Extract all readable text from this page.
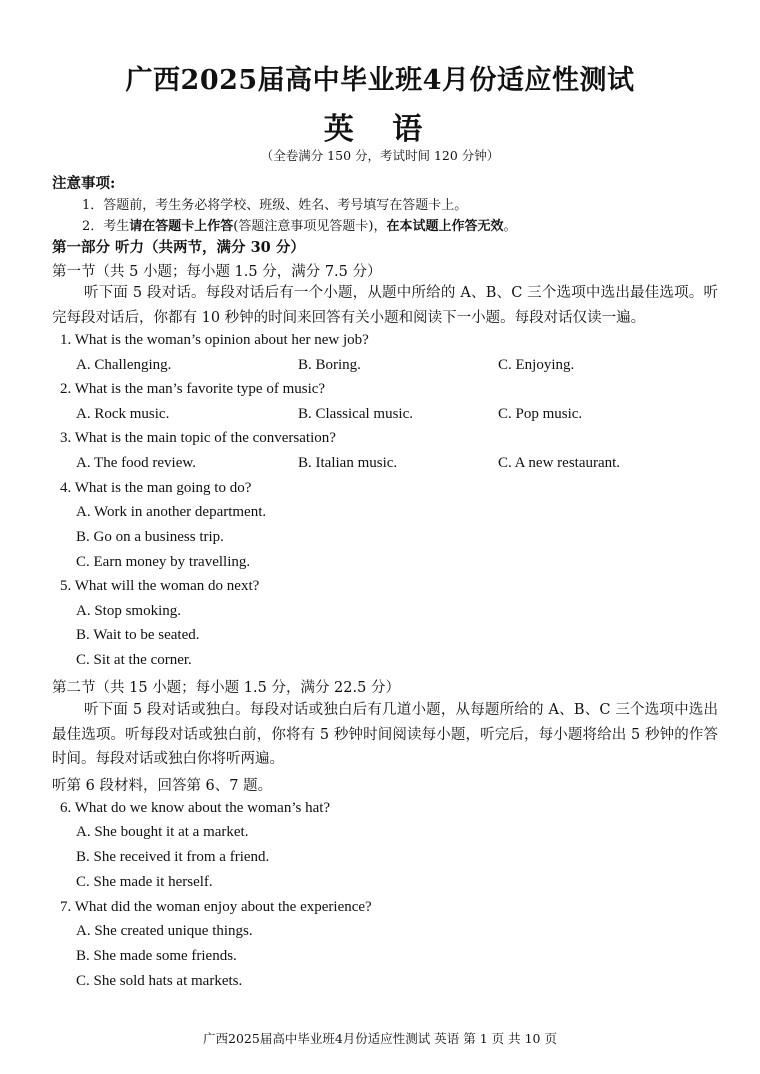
广西2025届高中毕业班4月份适应性测试
英 语
（全卷满分 150 分，考试时间 120 分钟）
注意事项:
1．答题前，考生务必将学校、班级、姓名、考号填写在答题卡上。
2．考生请在答题卡上作答(答题注意事项见答题卡)，在本试题上作答无效。
第一部分 听力（共两节，满分 30 分）
第一节（共 5 小题；每小题 1.5 分，满分 7.5 分）
听下面 5 段对话。每段对话后有一个小题，从题中所给的 A、B、C 三个选项中选出最佳选项。听完每段对话后，你都有 10 秒钟的时间来回答有关小题和阅读下一小题。每段对话仅读一遍。
1. What is the woman’s opinion about her new job?
A. Challenging.	B. Boring.	C. Enjoying.
2. What is the man’s favorite type of music?
A. Rock music.	B. Classical music.	C. Pop music.
3. What is the main topic of the conversation?
A. The food review.	B. Italian music.	C. A new restaurant.
4. What is the man going to do?
A. Work in another department.
B. Go on a business trip.
C. Earn money by travelling.
5. What will the woman do next?
A. Stop smoking.
B. Wait to be seated.
C. Sit at the corner.
第二节（共 15 小题；每小题 1.5 分，满分 22.5 分）
听下面 5 段对话或独白。每段对话或独白后有几道小题，从每题所给的 A、B、C 三个选项中选出最佳选项。听每段对话或独白前，你将有 5 秒钟时间阅读每小题，听完后，每小题将给出 5 秒钟的作答时间。每段对话或独白你将听两遍。
听第 6 段材料，回答第 6、7 题。
6. What do we know about the woman’s hat?
A. She bought it at a market.
B. She received it from a friend.
C. She made it herself.
7. What did the woman enjoy about the experience?
A. She created unique things.
B. She made some friends.
C. She sold hats at markets.
广西2025届高中毕业班4月份适应性测试 英语 第 1 页 共 10 页
